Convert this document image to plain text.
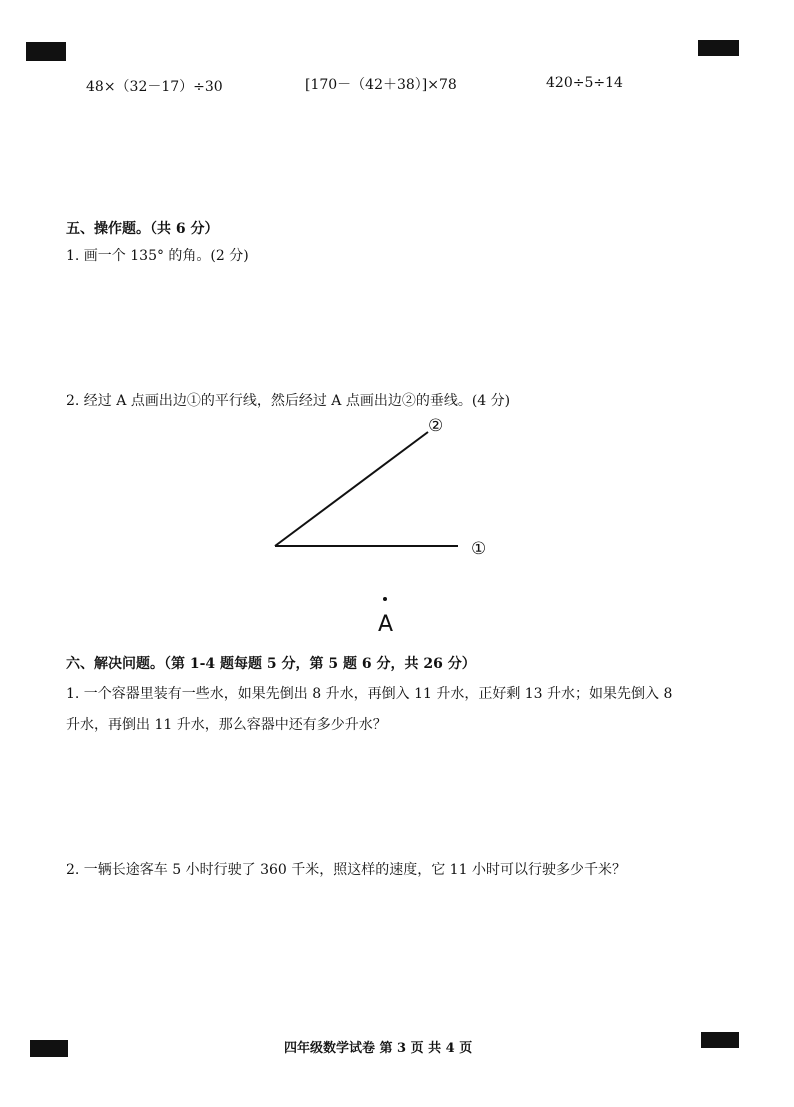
48×（32－17）÷30	[170－（42＋38）]×78	420÷5÷14
五、操作题。（共 6 分）
1. 画一个 135° 的角。(2 分)
2. 经过 A 点画出边①的平行线，然后经过 A 点画出边②的垂线。(4 分)
②
①
A
六、解决问题。（第 1-4 题每题 5 分，第 5 题 6 分，共 26 分）
1. 一个容器里装有一些水，如果先倒出 8 升水，再倒入 11 升水，正好剩 13 升水；如果先倒入 8
升水，再倒出 11 升水，那么容器中还有多少升水？
2. 一辆长途客车 5 小时行驶了 360 千米，照这样的速度，它 11 小时可以行驶多少千米？
四年级数学试卷 第 3 页 共 4 页
